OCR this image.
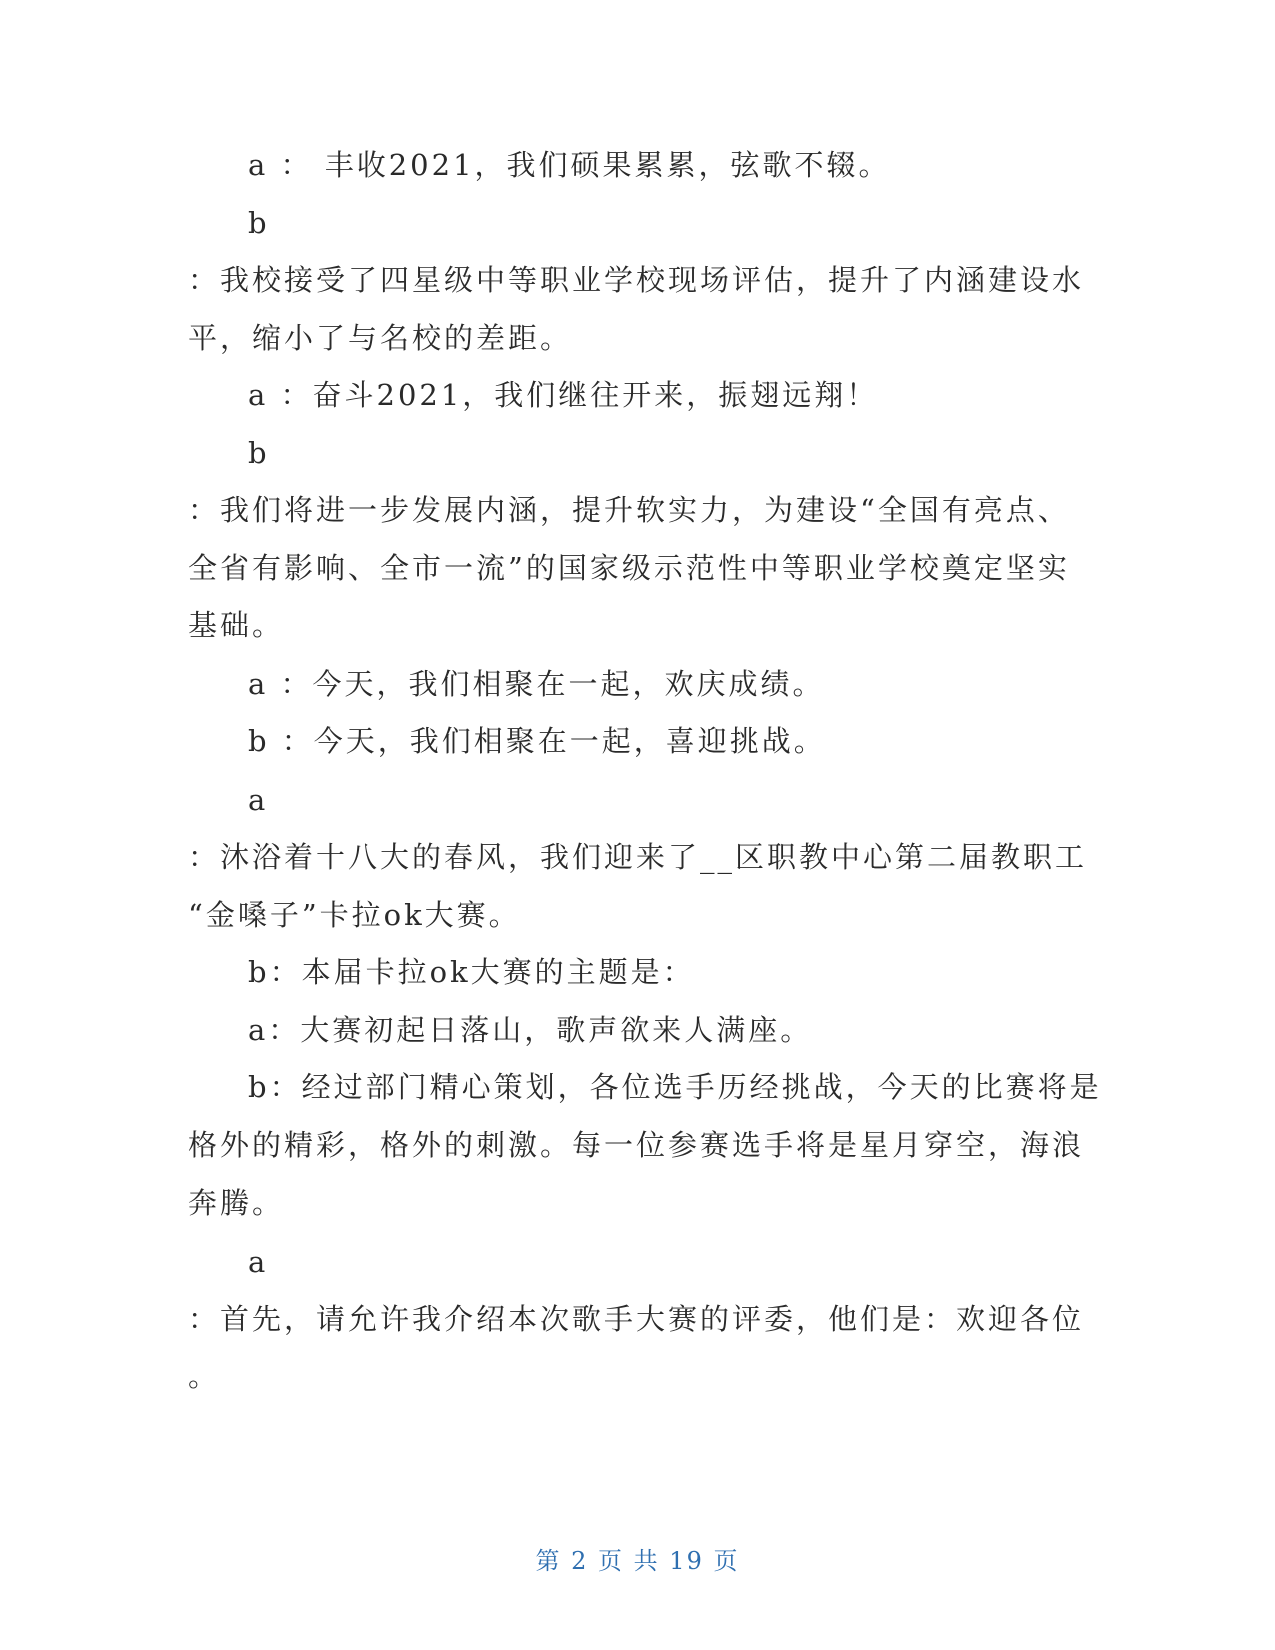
a ： 丰收2021，我们硕果累累，弦歌不辍。
b
：我校接受了四星级中等职业学校现场评估，提升了内涵建设水
平，缩小了与名校的差距。
a ：奋斗2021，我们继往开来，振翅远翔！
b
：我们将进一步发展内涵，提升软实力，为建设“全国有亮点、
全省有影响、全市一流”的国家级示范性中等职业学校奠定坚实
基础。
a ：今天，我们相聚在一起，欢庆成绩。
b ：今天，我们相聚在一起，喜迎挑战。
a
：沐浴着十八大的春风，我们迎来了__区职教中心第二届教职工
“金嗓子”卡拉ok大赛。
b：本届卡拉ok大赛的主题是：
a：大赛初起日落山，歌声欲来人满座。
b：经过部门精心策划，各位选手历经挑战，今天的比赛将是
格外的精彩，格外的刺激。每一位参赛选手将是星月穿空，海浪
奔腾。
a
：首先，请允许我介绍本次歌手大赛的评委，他们是：欢迎各位
。
第 2 页 共 19 页
